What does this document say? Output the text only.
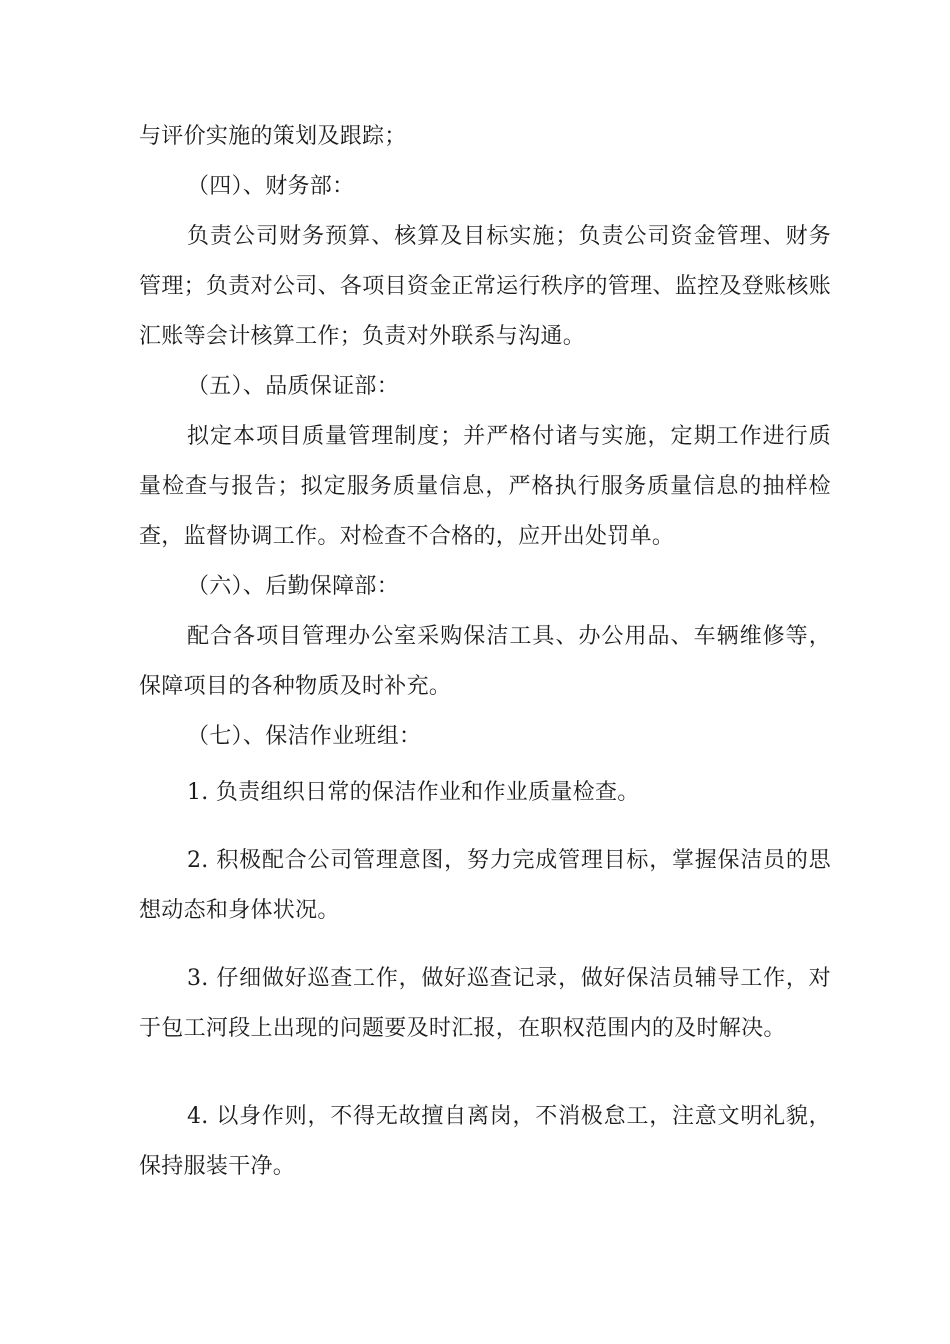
与评价实施的策划及跟踪；

（四）、财务部：

负责公司财务预算、核算及目标实施；负责公司资金管理、财务管理；负责对公司、各项目资金正常运行秩序的管理、监控及登账核账汇账等会计核算工作；负责对外联系与沟通。

（五）、品质保证部：

拟定本项目质量管理制度；并严格付诸与实施，定期工作进行质量检查与报告；拟定服务质量信息，严格执行服务质量信息的抽样检查，监督协调工作。对检查不合格的，应开出处罚单。

（六）、后勤保障部：

配合各项目管理办公室采购保洁工具、办公用品、车辆维修等，保障项目的各种物质及时补充。

（七）、保洁作业班组：

1. 负责组织日常的保洁作业和作业质量检查。

2. 积极配合公司管理意图，努力完成管理目标，掌握保洁员的思想动态和身体状况。

3. 仔细做好巡查工作，做好巡查记录，做好保洁员辅导工作，对于包工河段上出现的问题要及时汇报，在职权范围内的及时解决。

4. 以身作则，不得无故擅自离岗，不消极怠工，注意文明礼貌，保持服装干净。
